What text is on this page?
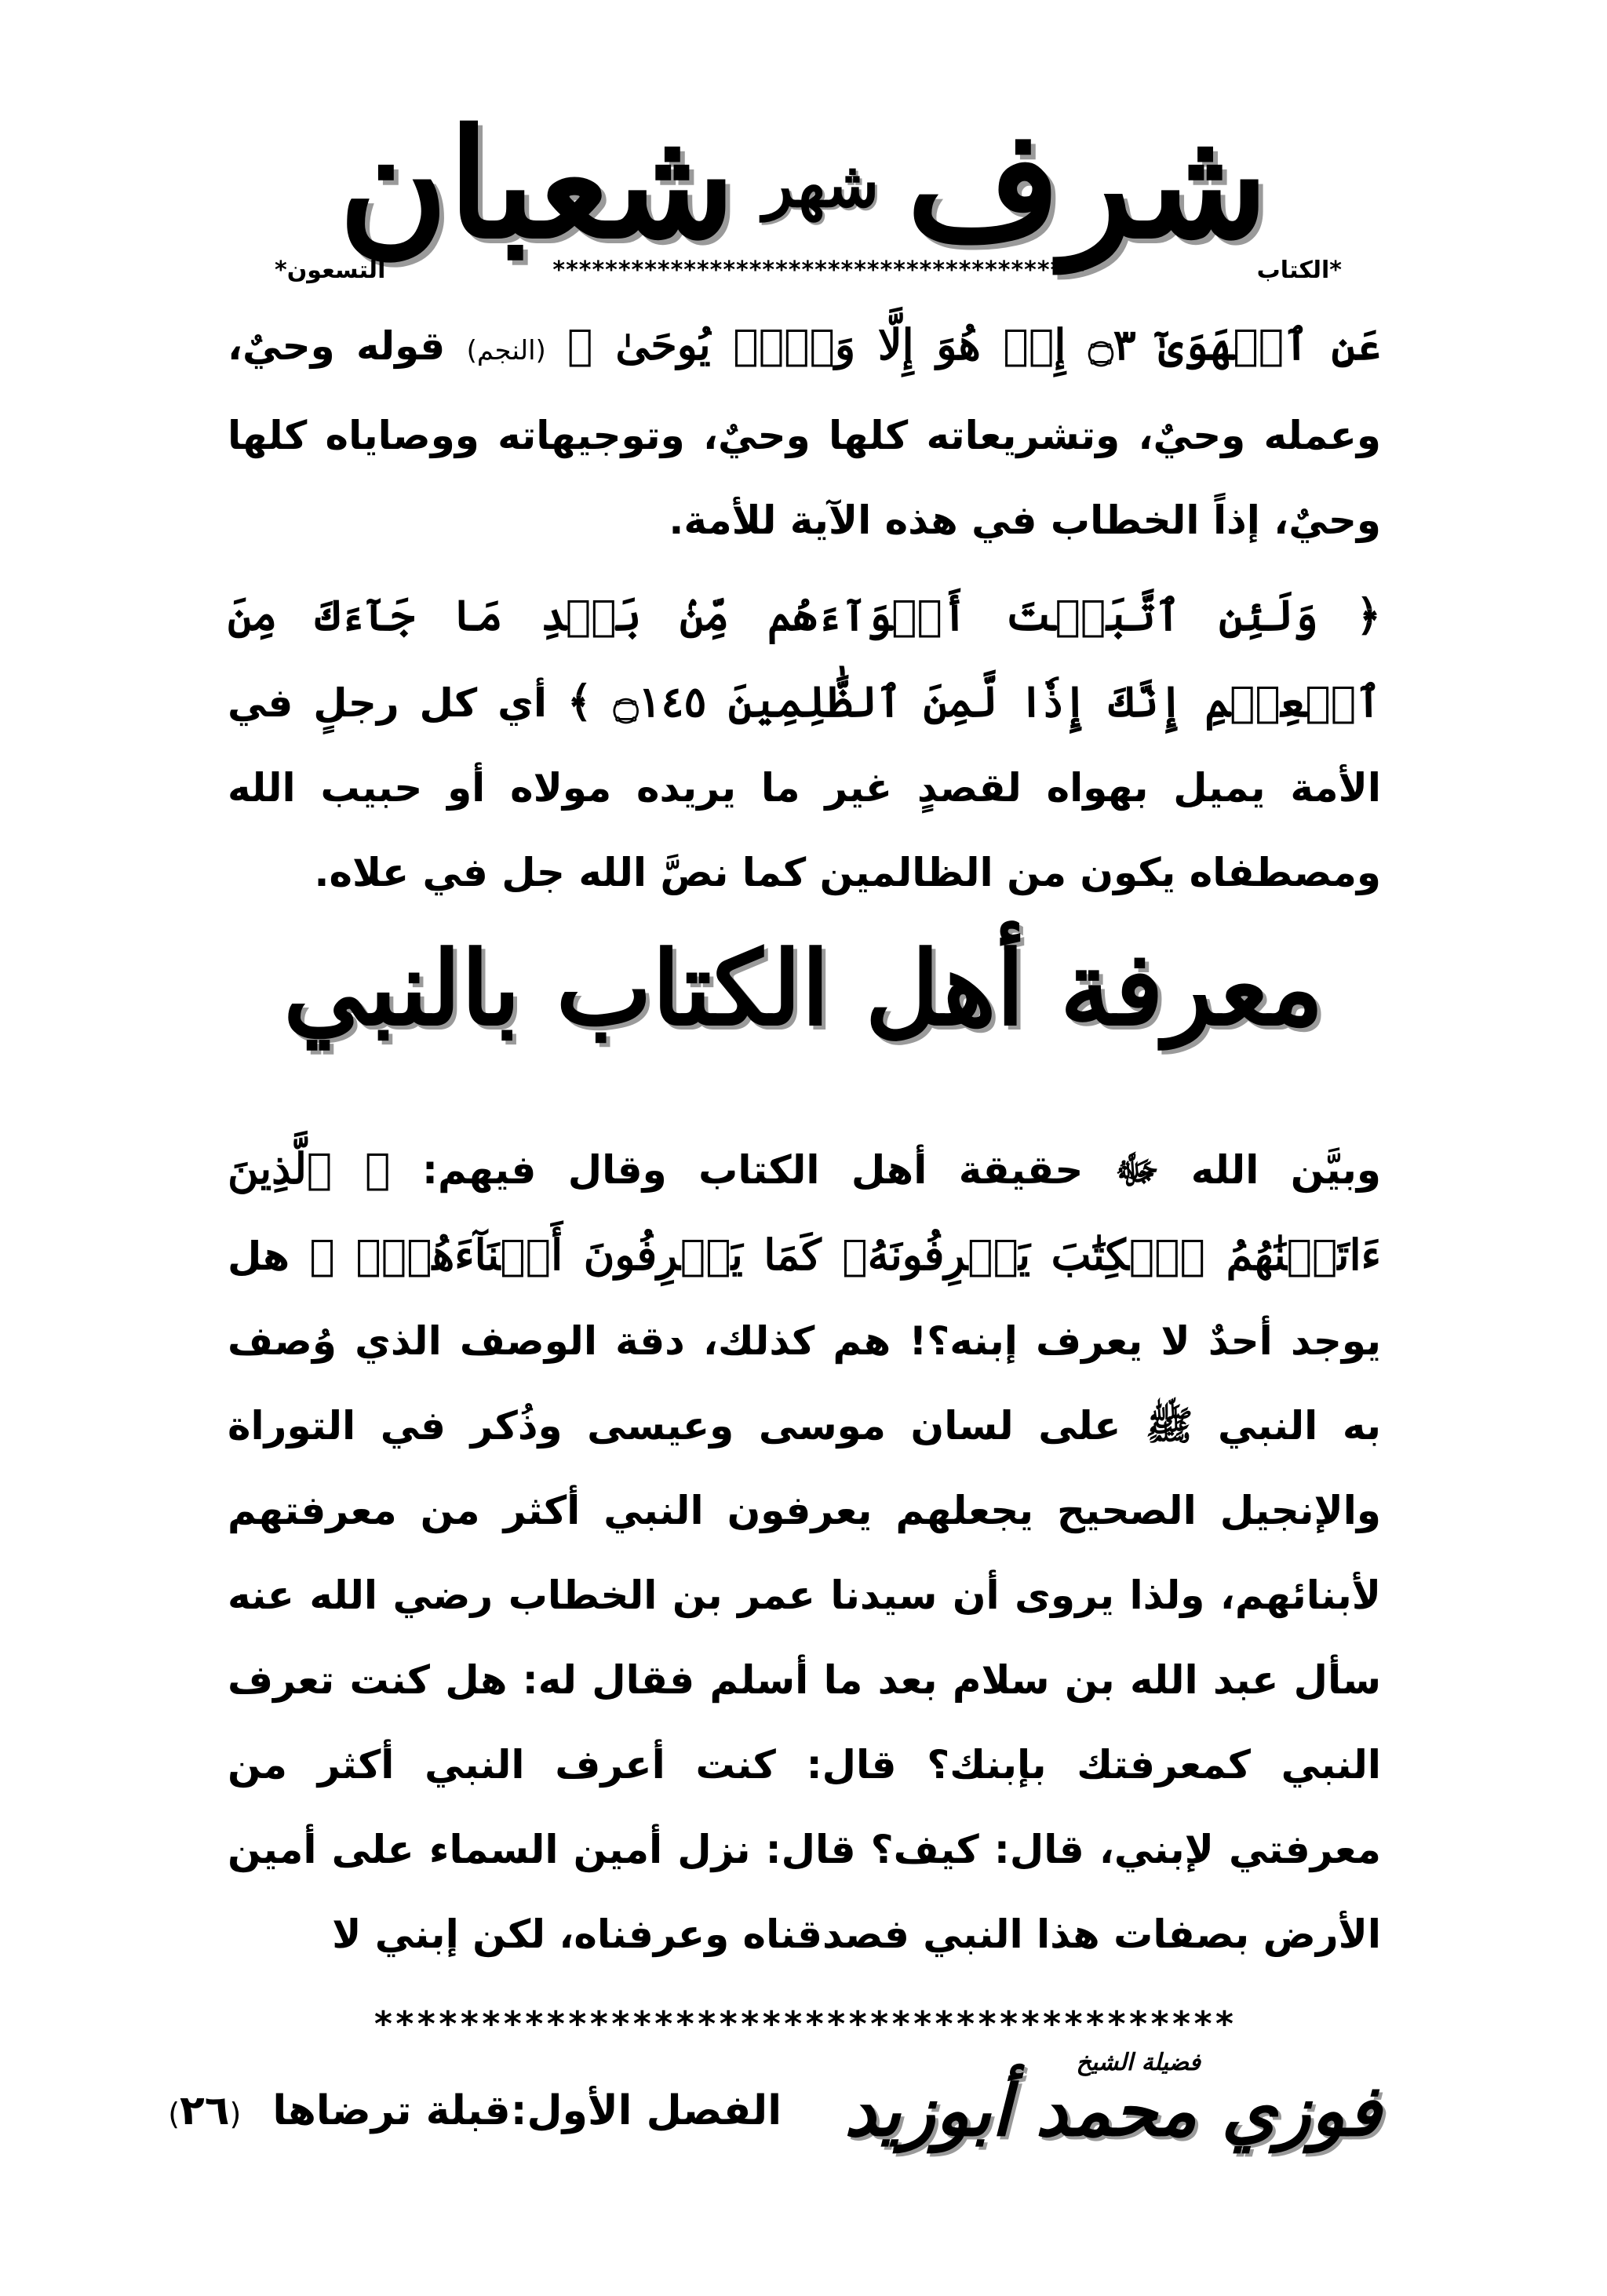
شرف شهر شعبان	*الكتاب
*****************************************
التسعون*

عَنِ ٱلۡهَوَىٰٓ ۝٣ إِنۡ هُوَ إِلَّا وَحۡيٞ يُوحَىٰ ﴾ (النجم) قوله وحيٌ، وعمله وحيٌ، وتشريعاته كلها وحيٌ، وتوجيهاته ووصاياه كلها وحيٌ، إذاً الخطاب في هذه الآية للأمة.

﴿ وَلَئِنِ ٱتَّبَعۡتَ أَهۡوَآءَهُم مِّنۢ بَعۡدِ مَا جَآءَكَ مِنَ ٱلۡعِلۡمِ إِنَّكَ إِذٗا لَّمِنَ ٱلظَّٰلِمِينَ ۝١٤٥ ﴾ أي كل رجلٍ في الأمة يميل بهواه لقصدٍ غير ما يريده مولاه أو حبيب الله ومصطفاه يكون من الظالمين كما نصَّ الله جل في علاه.

معرفة أهل الكتاب بالنبي

وبيَّن الله ﷻ حقيقة أهل الكتاب وقال فيهم: ﴿ ٱلَّذِينَ ءَاتَيۡنَٰهُمُ ٱلۡكِتَٰبَ يَعۡرِفُونَهُۥ كَمَا يَعۡرِفُونَ أَبۡنَآءَهُمۡۖ ﴾ هل يوجد أحدٌ لا يعرف إبنه؟! هم كذلك، دقة الوصف الذي وُصف به النبي ﷺ على لسان موسى وعيسى وذُكر في التوراة والإنجيل الصحيح يجعلهم يعرفون النبي أكثر من معرفتهم لأبنائهم، ولذا يروى أن سيدنا عمر بن الخطاب رضي الله عنه سأل عبد الله بن سلام بعد ما أسلم فقال له: هل كنت تعرف النبي كمعرفتك بإبنك؟ قال: كنت أعرف النبي أكثر من معرفتي لإبني، قال: كيف؟ قال: نزل أمين السماء على أمين الأرض بصفات هذا النبي فصدقناه وعرفناه، لكن إبني لا

****************************************
فضيلة الشيخ
فوزي محمد أبوزيد
الفصل الأول:قبلة ترضاها
(٢٦)
